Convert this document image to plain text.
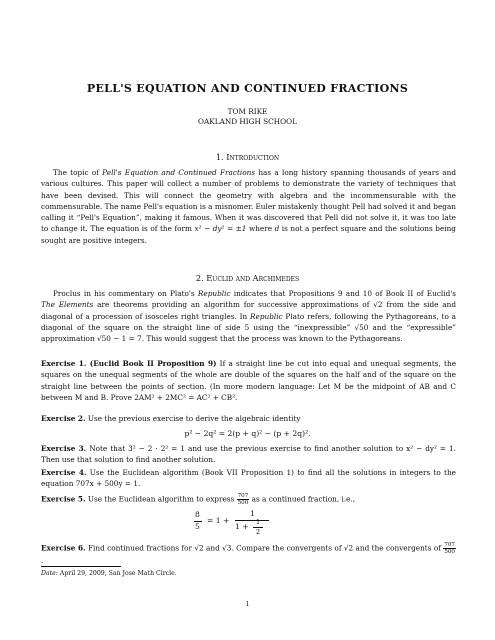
PELL'S EQUATION AND CONTINUED FRACTIONS
TOM RIKE
OAKLAND HIGH SCHOOL
1. Introduction
The topic of Pell's Equation and Continued Fractions has a long history spanning thousands of years and various cultures. This paper will collect a number of problems to demonstrate the variety of techniques that have been devised. This will connect the geometry with algebra and the incommensurable with the commensurable. The name Pell's equation is a misnomer. Euler mistakenly thought Pell had solved it and began calling it “Pell's Equation”, making it famous. When it was discovered that Pell did not solve it, it was too late to change it. The equation is of the form x² − dy² = ±1 where d is not a perfect square and the solutions being sought are positive integers.
2. Euclid and Archimedes
Proclus in his commentary on Plato's Republic indicates that Propositions 9 and 10 of Book II of Euclid's The Elements are theorems providing an algorithm for successive approximations of √2 from the side and diagonal of a procession of isosceles right triangles. In Republic Plato refers, following the Pythagoreans, to a diagonal of the square on the straight line of side 5 using the “inexpressible” √50 and the “expressible” approximation √50 − 1 = 7. This would suggest that the process was known to the Pythagoreans.
Exercise 1. (Euclid Book II Proposition 9) If a straight line be cut into equal and unequal segments, the squares on the unequal segments of the whole are double of the squares on the half and of the square on the straight line between the points of section. (In more modern language: Let M be the midpoint of AB and C between M and B. Prove 2AM² + 2MC² = AC² + CB².
Exercise 2. Use the previous exercise to derive the algebraic identity
p² − 2q² = 2(p + q)² − (p + 2q)².
Exercise 3. Note that 3² − 2 · 2² = 1 and use the previous exercise to find another solution to x² − dy² = 1. Then use that solution to find another solution.
Exercise 4. Use the Euclidean algorithm (Book VII Proposition 1) to find all the solutions in integers to the equation 707x + 500y = 1.
Exercise 5. Use the Euclidean algorithm to express $\frac{707}{500}$ as a continued fraction, i.e.,
8
5
= 1 +
1
1 + 1
2
Exercise 6. Find continued fractions for √2 and √3. Compare the convergents of √2 and the convergents of $\frac{707}{500}$
.
Date: April 29, 2009, San Jose Math Circle.
1
